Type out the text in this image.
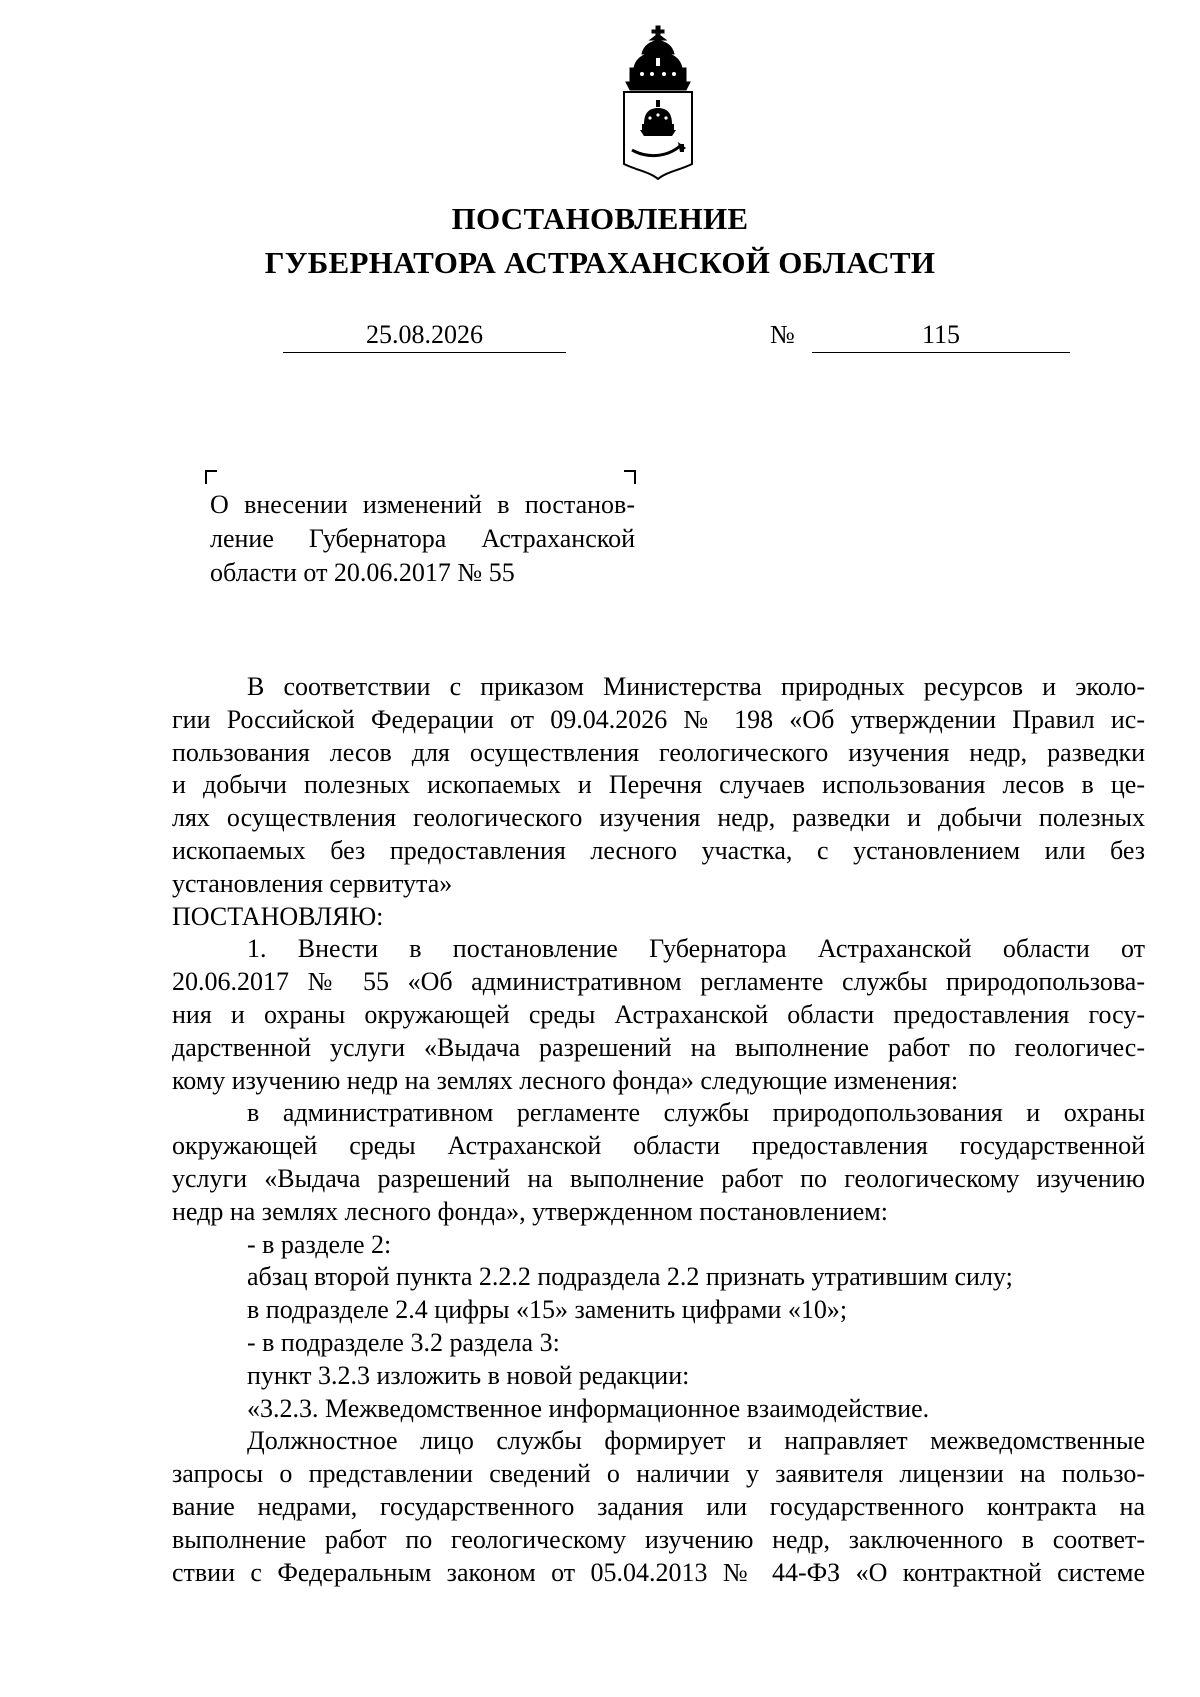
ПОСТАНОВЛЕНИЕ
ГУБЕРНАТОРА АСТРАХАНСКОЙ ОБЛАСТИ
25.08.2026	№	115
О внесении изменений в постанов-
ление Губернатора Астраханской
области от 20.06.2017 № 55

В соответствии с приказом Министерства природных ресурсов и эколо-
гии Российской Федерации от 09.04.2026 № 198 «Об утверждении Правил ис-
пользования лесов для осуществления геологического изучения недр, разведки
и добычи полезных ископаемых и Перечня случаев использования лесов в це-
лях осуществления геологического изучения недр, разведки и добычи полезных
ископаемых без предоставления лесного участка, с установлением или без
установления сервитута»

ПОСТАНОВЛЯЮ:

1. Внести в постановление Губернатора Астраханской области от
20.06.2017 № 55 «Об административном регламенте службы природопользова-
ния и охраны окружающей среды Астраханской области предоставления госу-
дарственной услуги «Выдача разрешений на выполнение работ по геологичес-
кому изучению недр на землях лесного фонда» следующие изменения:

в административном регламенте службы природопользования и охраны
окружающей среды Астраханской области предоставления государственной
услуги «Выдача разрешений на выполнение работ по геологическому изучению
недр на землях лесного фонда», утвержденном постановлением:

- в разделе 2:
абзац второй пункта 2.2.2 подраздела 2.2 признать утратившим силу;
в подразделе 2.4 цифры «15» заменить цифрами «10»;
- в подразделе 3.2 раздела 3:
пункт 3.2.3 изложить в новой редакции:
«3.2.3. Межведомственное информационное взаимодействие.

Должностное лицо службы формирует и направляет межведомственные
запросы о представлении сведений о наличии у заявителя лицензии на пользо-
вание недрами, государственного задания или государственного контракта на
выполнение работ по геологическому изучению недр, заключенного в соответ-
ствии с Федеральным законом от 05.04.2013 № 44-ФЗ «О контрактной системе
